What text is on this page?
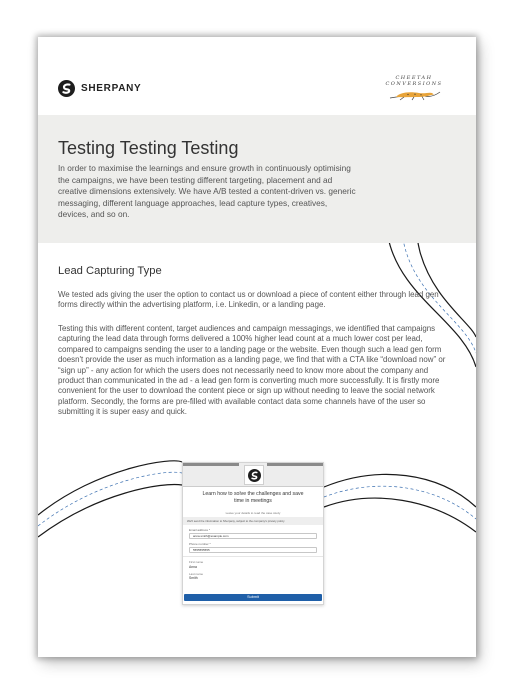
SHERPANY
CHEETAH CONVERSIONS
Testing Testing Testing
In order to maximise the learnings and ensure growth in continuously optimising the campaigns, we have been testing different targeting, placement and ad creative dimensions extensively. We have A/B tested a content-driven vs. generic messaging, different language approaches, lead capture types, creatives, devices, and so on.
Lead Capturing Type
We tested ads giving the user the option to contact us or download a piece of content either through lead gen forms directly within the advertising platform, i.e. Linkedin, or a landing page.
Testing this with different content, target audiences and campaign messagings, we identified that campaigns capturing the lead data through forms delivered a 100% higher lead count at a much lower cost per lead, compared to campaigns sending the user to a landing page or the website. Even though such a lead gen form doesn't provide the user as much information as a landing page, we find that with a CTA like “download now” or “sign up” - any action for which the users does not necessarily need to know more about the company and product than communicated in the ad - a lead gen form is converting much more successfully. It is firstly more convenient for the user to download the content piece or sign up without needing to leave the social network platform. Secondly, the forms are pre-filled with available contact data some channels have of the user so submitting it is super easy and quick.
Learn how to solve the challenges and save time in meetings
Leave your details to read the case study
We'll send the information to Sherpany, subject to the company's privacy policy
Email address *
anna.smith@example.com
Phone number *
5555555555
First name
Anna
Last name
Smith
Submit
